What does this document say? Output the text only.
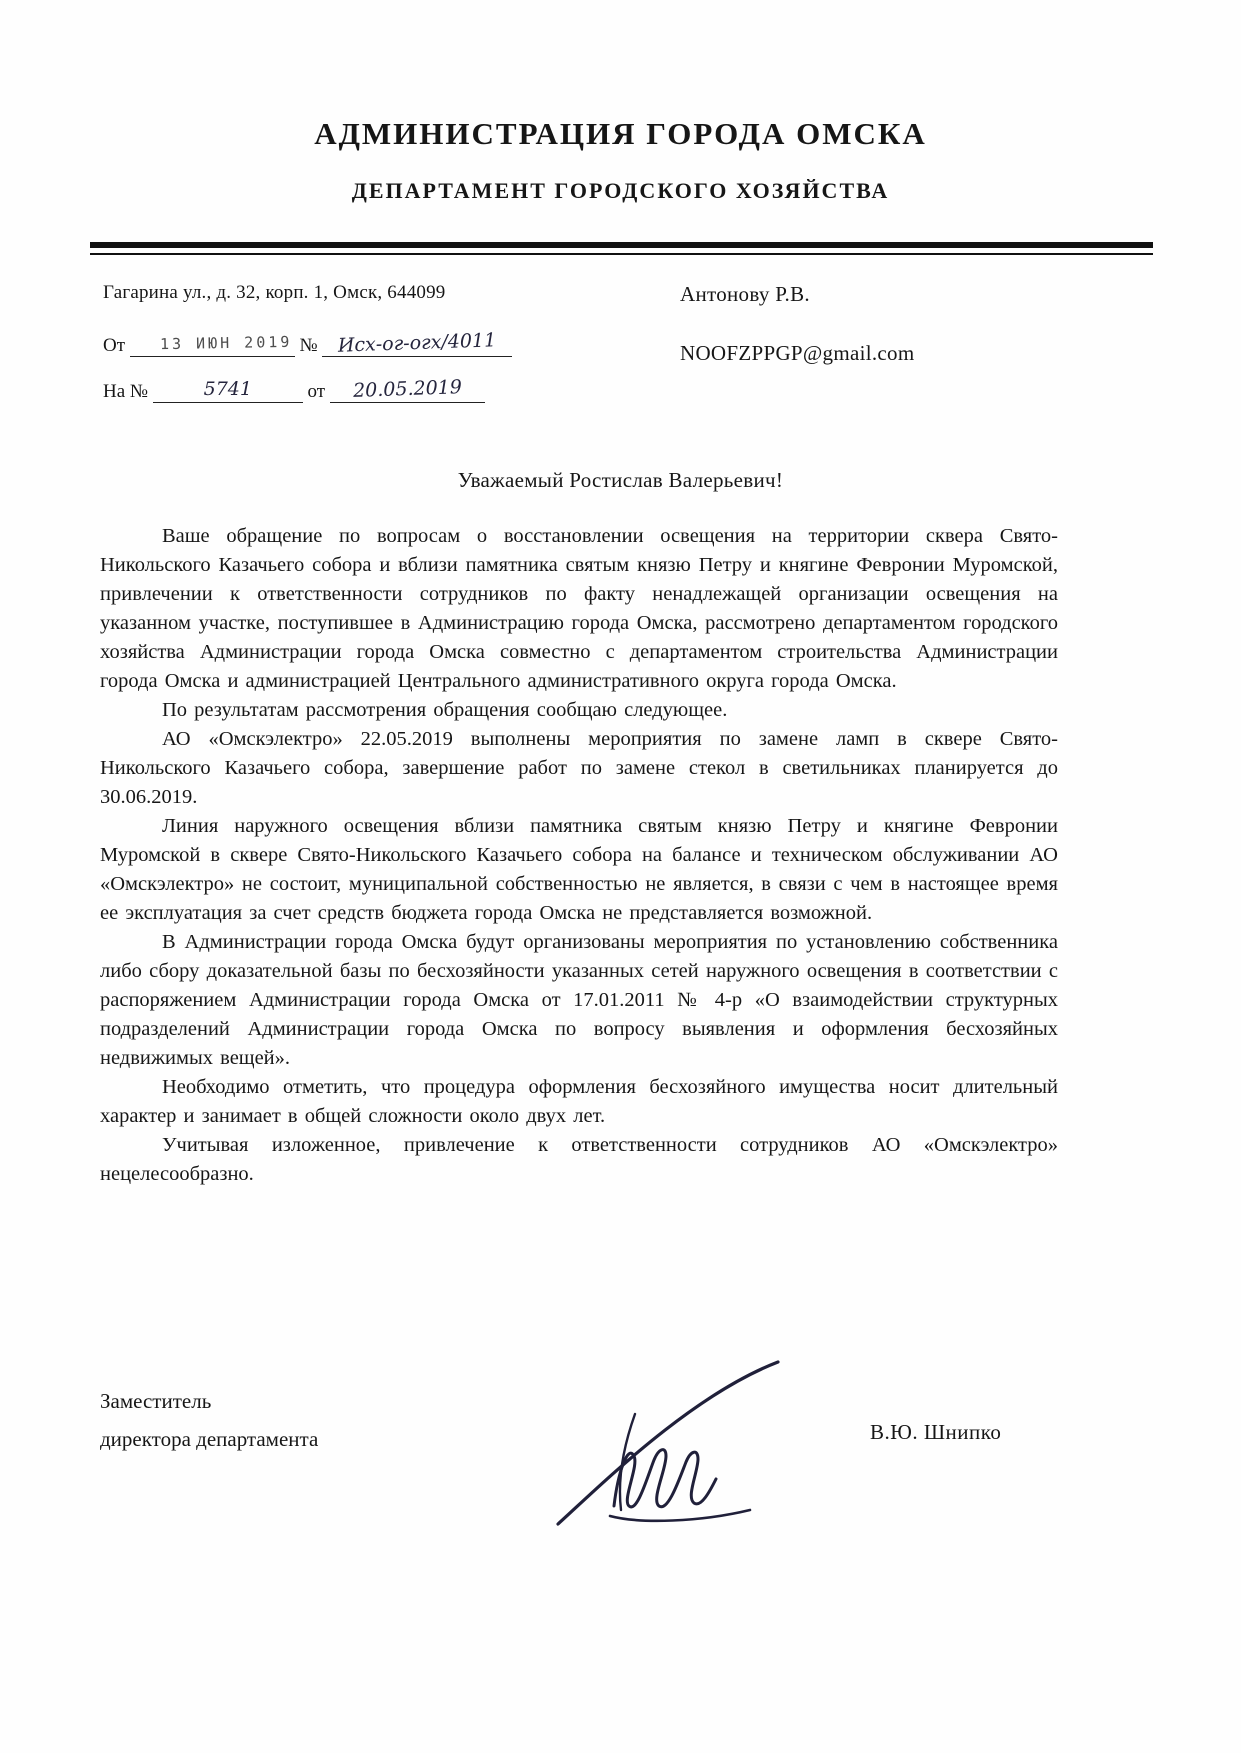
АДМИНИСТРАЦИЯ ГОРОДА ОМСКА
ДЕПАРТАМЕНТ ГОРОДСКОГО ХОЗЯЙСТВА
Гагарина ул., д. 32, корп. 1, Омск, 644099
От 13 ИЮН 2019 №	Исх-ог-огх/4011
На №	5741	от	20.05.2019
Антонову Р.В.
NOOFZPPGP@gmail.com
Уважаемый Ростислав Валерьевич!

Ваше обращение по вопросам о восстановлении освещения на территории сквера Свято-Никольского Казачьего собора и вблизи памятника святым князю Петру и княгине Февронии Муромской, привлечении к ответственности сотрудников по факту ненадлежащей организации освещения на указанном участке, поступившее в Администрацию города Омска, рассмотрено департаментом городского хозяйства Администрации города Омска совместно с департаментом строительства Администрации города Омска и администрацией Центрального административного округа города Омска.

По результатам рассмотрения обращения сообщаю следующее.

АО «Омскэлектро» 22.05.2019 выполнены мероприятия по замене ламп в сквере Свято-Никольского Казачьего собора, завершение работ по замене стекол в светильниках планируется до 30.06.2019.

Линия наружного освещения вблизи памятника святым князю Петру и княгине Февронии Муромской в сквере Свято-Никольского Казачьего собора на балансе и техническом обслуживании АО «Омскэлектро» не состоит, муниципальной собственностью не является, в связи с чем в настоящее время ее эксплуатация за счет средств бюджета города Омска не представляется возможной.

В Администрации города Омска будут организованы мероприятия по установлению собственника либо сбору доказательной базы по бесхозяйности указанных сетей наружного освещения в соответствии с распоряжением Администрации города Омска от 17.01.2011 № 4-р «О взаимодействии структурных подразделений Администрации города Омска по вопросу выявления и оформления бесхозяйных недвижимых вещей».

Необходимо отметить, что процедура оформления бесхозяйного имущества носит длительный характер и занимает в общей сложности около двух лет.

Учитывая изложенное, привлечение к ответственности сотрудников АО «Омскэлектро» нецелесообразно.

Заместитель
директора департамента	В.Ю. Шнипко
